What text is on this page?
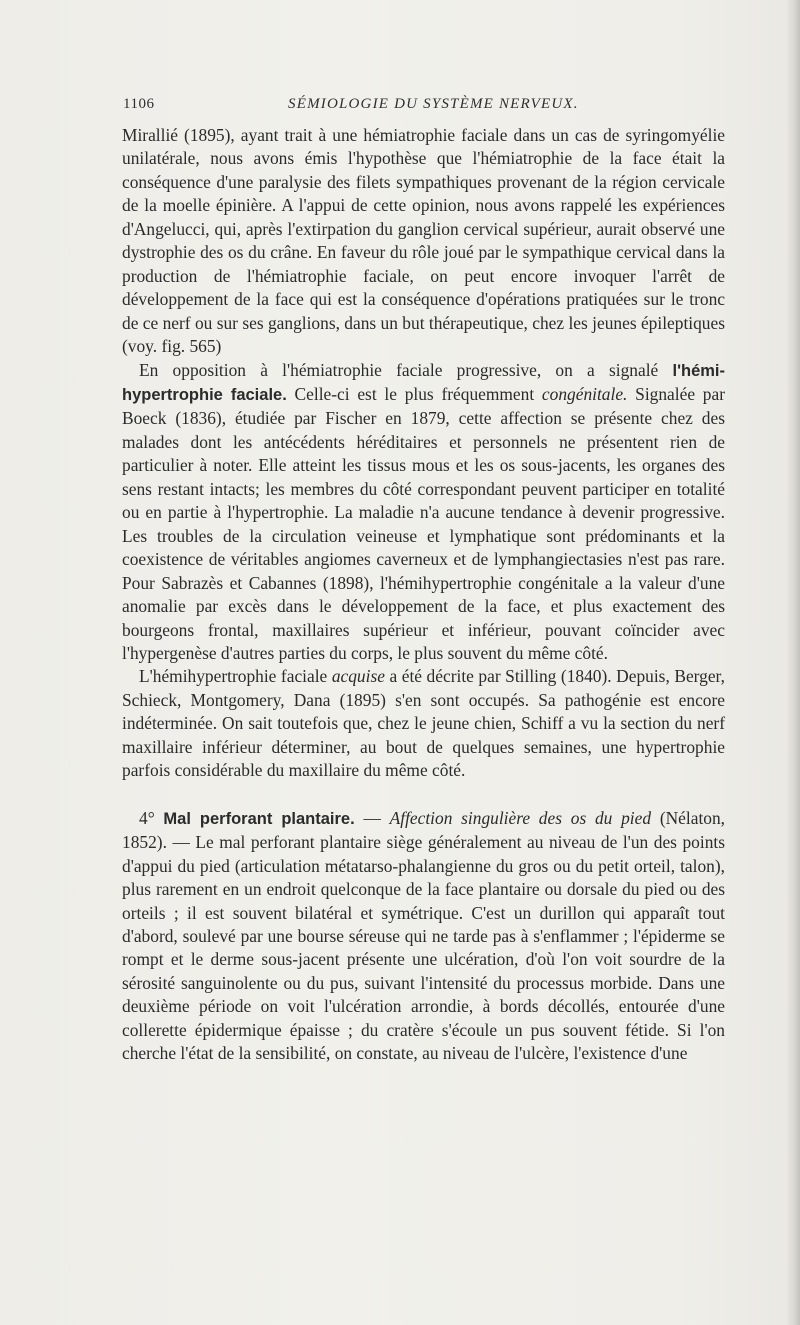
1106	SÉMIOLOGIE DU SYSTÈME NERVEUX.

Mirallié (1895), ayant trait à une hémiatrophie faciale dans un cas de syringomyélie unilatérale, nous avons émis l'hypothèse que l'hémiatrophie de la face était la conséquence d'une paralysie des filets sympathiques provenant de la région cervicale de la moelle épinière. A l'appui de cette opinion, nous avons rappelé les expériences d'Angelucci, qui, après l'extirpation du ganglion cervical supérieur, aurait observé une dystrophie des os du crâne. En faveur du rôle joué par le sympathique cervical dans la production de l'hémiatrophie faciale, on peut encore invoquer l'arrêt de développement de la face qui est la conséquence d'opérations pratiquées sur le tronc de ce nerf ou sur ses ganglions, dans un but thérapeutique, chez les jeunes épileptiques (voy. fig. 565)

En opposition à l'hémiatrophie faciale progressive, on a signalé l'hémi-hypertrophie faciale. Celle-ci est le plus fréquemment congénitale. Signalée par Boeck (1836), étudiée par Fischer en 1879, cette affection se présente chez des malades dont les antécédents héréditaires et personnels ne présentent rien de particulier à noter. Elle atteint les tissus mous et les os sous-jacents, les organes des sens restant intacts; les membres du côté correspondant peuvent participer en totalité ou en partie à l'hypertrophie. La maladie n'a aucune tendance à devenir progressive. Les troubles de la circulation veineuse et lymphatique sont prédominants et la coexistence de véritables angiomes caverneux et de lymphangiectasies n'est pas rare. Pour Sabrazès et Cabannes (1898), l'hémihypertrophie congénitale a la valeur d'une anomalie par excès dans le développement de la face, et plus exactement des bourgeons frontal, maxillaires supérieur et inférieur, pouvant coïncider avec l'hypergenèse d'autres parties du corps, le plus souvent du même côté.

L'hémihypertrophie faciale acquise a été décrite par Stilling (1840). Depuis, Berger, Schieck, Montgomery, Dana (1895) s'en sont occupés. Sa pathogénie est encore indéterminée. On sait toutefois que, chez le jeune chien, Schiff a vu la section du nerf maxillaire inférieur déterminer, au bout de quelques semaines, une hypertrophie parfois considérable du maxillaire du même côté.

4° Mal perforant plantaire. — Affection singulière des os du pied (Nélaton, 1852). — Le mal perforant plantaire siège généralement au niveau de l'un des points d'appui du pied (articulation métatarso-phalangienne du gros ou du petit orteil, talon), plus rarement en un endroit quelconque de la face plantaire ou dorsale du pied ou des orteils ; il est souvent bilatéral et symétrique. C'est un durillon qui apparaît tout d'abord, soulevé par une bourse séreuse qui ne tarde pas à s'enflammer ; l'épiderme se rompt et le derme sous-jacent présente une ulcération, d'où l'on voit sourdre de la sérosité sanguinolente ou du pus, suivant l'intensité du processus morbide. Dans une deuxième période on voit l'ulcération arrondie, à bords décollés, entourée d'une collerette épidermique épaisse ; du cratère s'écoule un pus souvent fétide. Si l'on cherche l'état de la sensibilité, on constate, au niveau de l'ulcère, l'existence d'une
